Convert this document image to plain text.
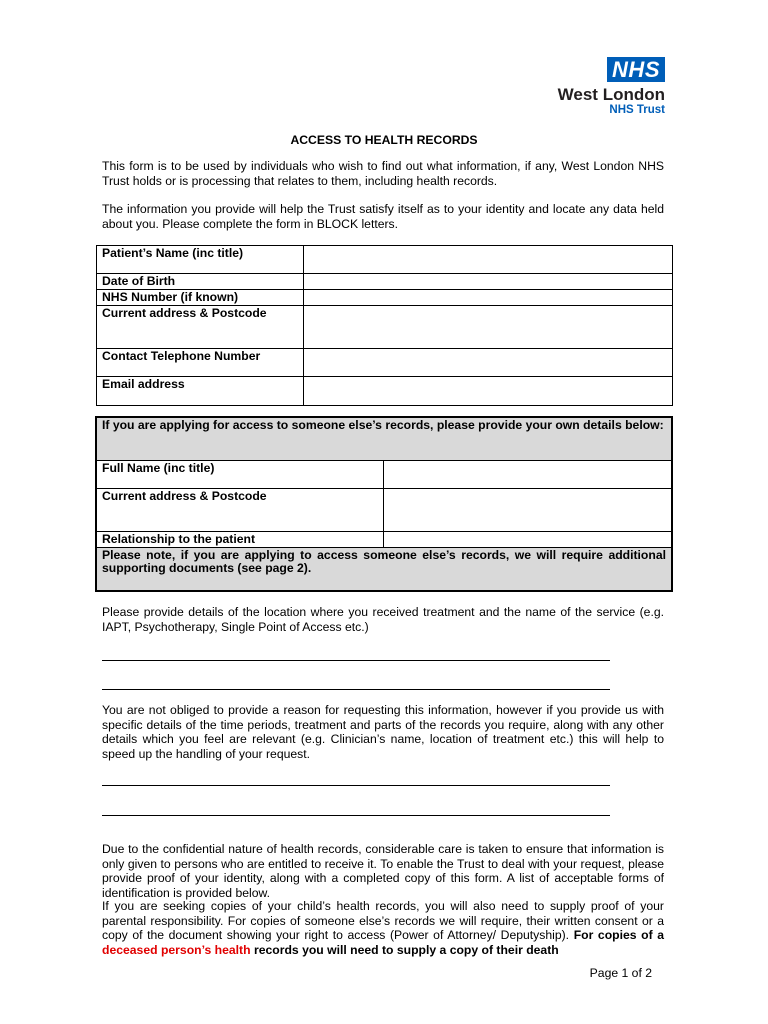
NHS
West London
NHS Trust
ACCESS TO HEALTH RECORDS
This form is to be used by individuals who wish to find out what information, if any, West London NHS Trust holds or is processing that relates to them, including health records.
The information you provide will help the Trust satisfy itself as to your identity and locate any data held about you. Please complete the form in BLOCK letters.
Patient’s Name (inc title)	
Date of Birth	
NHS Number (if known)	
Current address & Postcode	
Contact Telephone Number	
Email address	
If you are applying for access to someone else’s records, please provide your own details below:	
Full Name (inc title)	
Current address & Postcode	
Relationship to the patient	
Please note, if you are applying to access someone else’s records, we will require additional supporting documents (see page 2).	
Please provide details of the location where you received treatment and the name of the service (e.g. IAPT, Psychotherapy, Single Point of Access etc.)
You are not obliged to provide a reason for requesting this information, however if you provide us with specific details of the time periods, treatment and parts of the records you require, along with any other details which you feel are relevant (e.g. Clinician’s name, location of treatment etc.) this will help to speed up the handling of your request.
Due to the confidential nature of health records, considerable care is taken to ensure that information is only given to persons who are entitled to receive it. To enable the Trust to deal with your request, please provide proof of your identity, along with a completed copy of this form. A list of acceptable forms of identification is provided below.
If you are seeking copies of your child’s health records, you will also need to supply proof of your parental responsibility. For copies of someone else’s records we will require, their written consent or a copy of the document showing your right to access (Power of Attorney/ Deputyship). For copies of a deceased person’s health records you will need to supply a copy of their death
Page 1 of 2
